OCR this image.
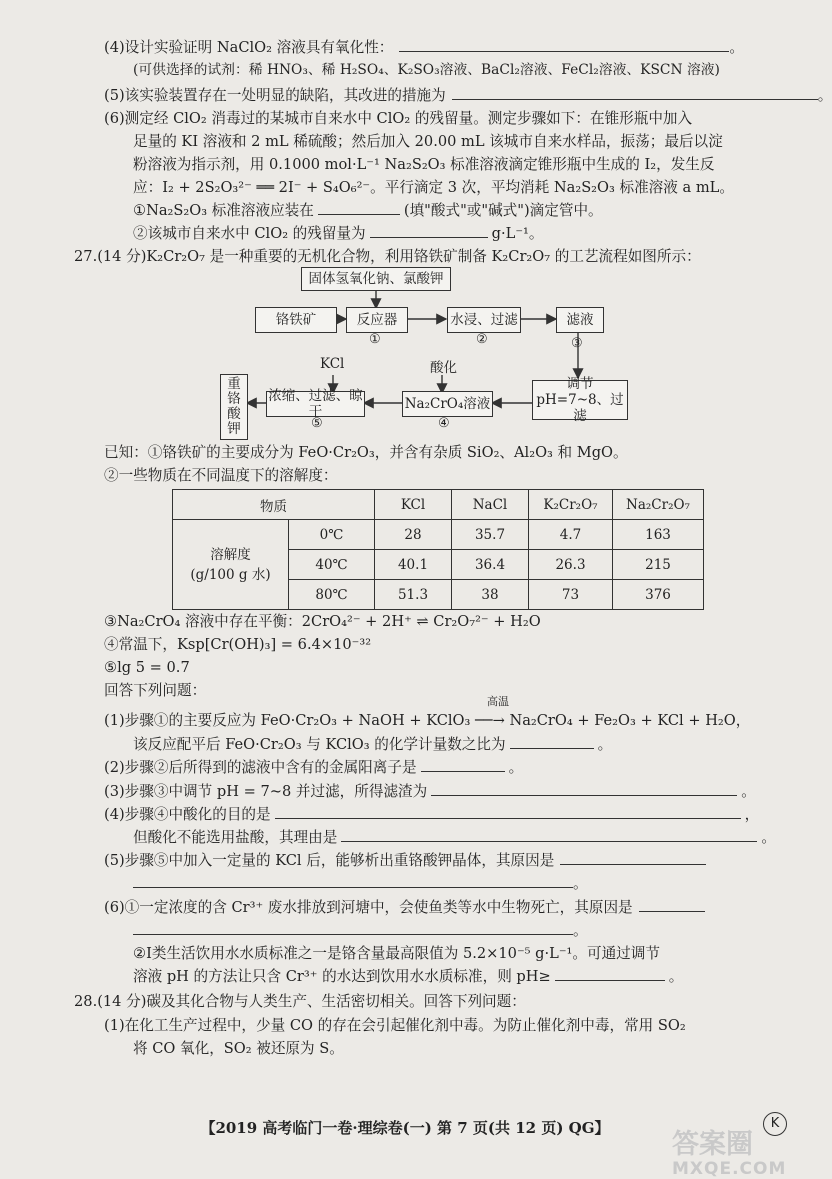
(4)设计实验证明 NaClO₂ 溶液具有氧化性：	。
(可供选择的试剂：稀 HNO₃、稀 H₂SO₄、K₂SO₃溶液、BaCl₂溶液、FeCl₂溶液、KSCN 溶液)
(5)该实验装置存在一处明显的缺陷，其改进的措施为	。
(6)测定经 ClO₂ 消毒过的某城市自来水中 ClO₂ 的残留量。测定步骤如下：在锥形瓶中加入
足量的 KI 溶液和 2 mL 稀硫酸；然后加入 20.00 mL 该城市自来水样品，振荡；最后以淀
粉溶液为指示剂，用 0.1000 mol·L⁻¹ Na₂S₂O₃ 标准溶液滴定锥形瓶中生成的 I₂，发生反
应：I₂ + 2S₂O₃²⁻ ══ 2I⁻ + S₄O₆²⁻。平行滴定 3 次，平均消耗 Na₂S₂O₃ 标准溶液 a mL。
①Na₂S₂O₃ 标准溶液应装在	(填"酸式"或"碱式")滴定管中。
②该城市自来水中 ClO₂ 的残留量为	g·L⁻¹。
27.(14 分)K₂Cr₂O₇ 是一种重要的无机化合物，利用铬铁矿制备 K₂Cr₂O₇ 的工艺流程如图所示：
固体氢氧化钠、氯酸钾
铬铁矿	反应器
①
水浸、过滤
②
滤液
③
调节
pH=7~8、过滤
Na₂CrO₄溶液
④
浓缩、过滤、晾干
⑤
重
铬
酸
钾
KCl	酸化
已知：①铬铁矿的主要成分为 FeO·Cr₂O₃，并含有杂质 SiO₂、Al₂O₃ 和 MgO。
②一些物质在不同温度下的溶解度：
物质		KCl	NaCl	K₂Cr₂O₇	Na₂Cr₂O₇
溶解度
(g/100 g 水)	0℃	28	35.7	4.7	163
	40℃	40.1	36.4	26.3	215
	80℃	51.3	38	73	376
③Na₂CrO₄ 溶液中存在平衡：2CrO₄²⁻ + 2H⁺ ⇌ Cr₂O₇²⁻ + H₂O
④常温下，Ksp[Cr(OH)₃] = 6.4×10⁻³²
⑤lg 5 = 0.7
回答下列问题：
高温
(1)步骤①的主要反应为 FeO·Cr₂O₃ + NaOH + KClO₃ ──→ Na₂CrO₄ + Fe₂O₃ + KCl + H₂O，
该反应配平后 FeO·Cr₂O₃ 与 KClO₃ 的化学计量数之比为	。
(2)步骤②后所得到的滤液中含有的金属阳离子是	。
(3)步骤③中调节 pH = 7~8 并过滤，所得滤渣为	。
(4)步骤④中酸化的目的是	，
但酸化不能选用盐酸，其理由是	。
(5)步骤⑤中加入一定量的 KCl 后，能够析出重铬酸钾晶体，其原因是
。
(6)①一定浓度的含 Cr³⁺ 废水排放到河塘中，会使鱼类等水中生物死亡，其原因是
。
②Ⅰ类生活饮用水水质标准之一是铬含量最高限值为 5.2×10⁻⁵ g·L⁻¹。可通过调节
溶液 pH 的方法让只含 Cr³⁺ 的水达到饮用水水质标准，则 pH≥	。
28.(14 分)碳及其化合物与人类生产、生活密切相关。回答下列问题：
(1)在化工生产过程中，少量 CO 的存在会引起催化剂中毒。为防止催化剂中毒，常用 SO₂
将 CO 氧化，SO₂ 被还原为 S。
【2019 高考临门一卷·理综卷(一) 第 7 页(共 12 页) QG】	K
答案圈
MXQE.COM
